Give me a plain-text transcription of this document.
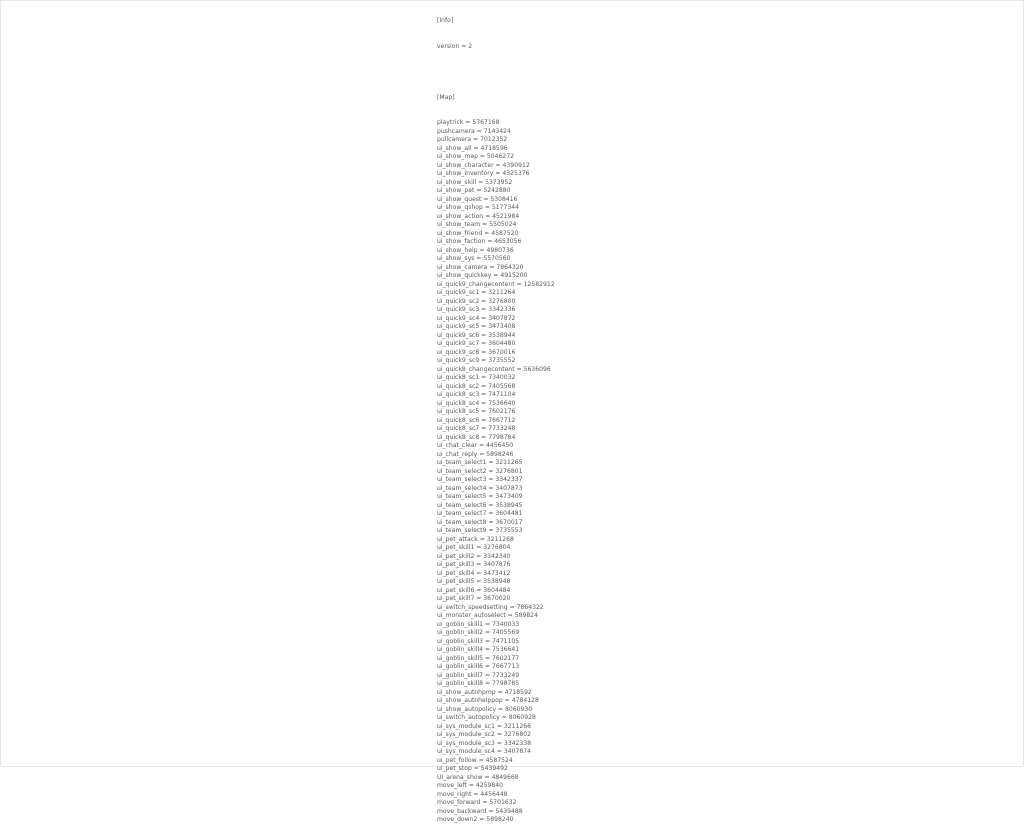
[Info]

version = 2

[Map]

playtrick = 5767168
pushcamera = 7143424
pullcamera = 7012352
ui_show_all = 4718596
ui_show_map = 5046272
ui_show_character = 4390912
ui_show_inventory = 4325376
ui_show_skill = 5373952
ui_show_pet = 5242880
ui_show_quest = 5308416
ui_show_qshop = 5177344
ui_show_action = 4521984
ui_show_team = 5505024
ui_show_friend = 4587520
ui_show_faction = 4653056
ui_show_help = 4980736
ui_show_sys = 5570560
ui_show_camera = 7864320
ui_show_quickkey = 4915200
ui_quick9_changecontent = 12582912
ui_quick9_sc1 = 3211264
ui_quick9_sc2 = 3276800
ui_quick9_sc3 = 3342336
ui_quick9_sc4 = 3407872
ui_quick9_sc5 = 3473408
ui_quick9_sc6 = 3538944
ui_quick9_sc7 = 3604480
ui_quick9_sc8 = 3670016
ui_quick9_sc9 = 3735552
ui_quick8_changecontent = 5636096
ui_quick8_sc1 = 7340032
ui_quick8_sc2 = 7405568
ui_quick8_sc3 = 7471104
ui_quick8_sc4 = 7536640
ui_quick8_sc5 = 7602176
ui_quick8_sc6 = 7667712
ui_quick8_sc7 = 7733248
ui_quick8_sc8 = 7798784
ui_chat_clear = 4456450
ui_chat_reply = 5898246
ui_team_select1 = 3211265
ui_team_select2 = 3276801
ui_team_select3 = 3342337
ui_team_select4 = 3407873
ui_team_select5 = 3473409
ui_team_select6 = 3538945
ui_team_select7 = 3604481
ui_team_select8 = 3670017
ui_team_select9 = 3735553
ui_pet_attack = 3211268
ui_pet_skill1 = 3276804
ui_pet_skill2 = 3342340
ui_pet_skill3 = 3407876
ui_pet_skill4 = 3473412
ui_pet_skill5 = 3538948
ui_pet_skill6 = 3604484
ui_pet_skill7 = 3670020
ui_switch_speedsetting = 7864322
ui_monster_autoselect = 589824
ui_goblin_skill1 = 7340033
ui_goblin_skill2 = 7405569
ui_goblin_skill3 = 7471105
ui_goblin_skill4 = 7536641
ui_goblin_skill5 = 7602177
ui_goblin_skill6 = 7667713
ui_goblin_skill7 = 7733249
ui_goblin_skill8 = 7798785
ui_show_autohpmp = 4718592
ui_show_autohelppop = 4784128
ui_show_autopolicy = 8060930
ui_switch_autopolicy = 8060928
ui_sys_module_sc1 = 3211266
ui_sys_module_sc2 = 3276802
ui_sys_module_sc3 = 3342338
ui_sys_module_sc4 = 3407874
ui_pet_follow = 4587524
ui_pet_stop = 5439492
UI_arena_show = 4849668
move_left = 4259840
move_right = 4456448
move_forward = 5701632
move_backward = 5439488
move_down2 = 5898240
